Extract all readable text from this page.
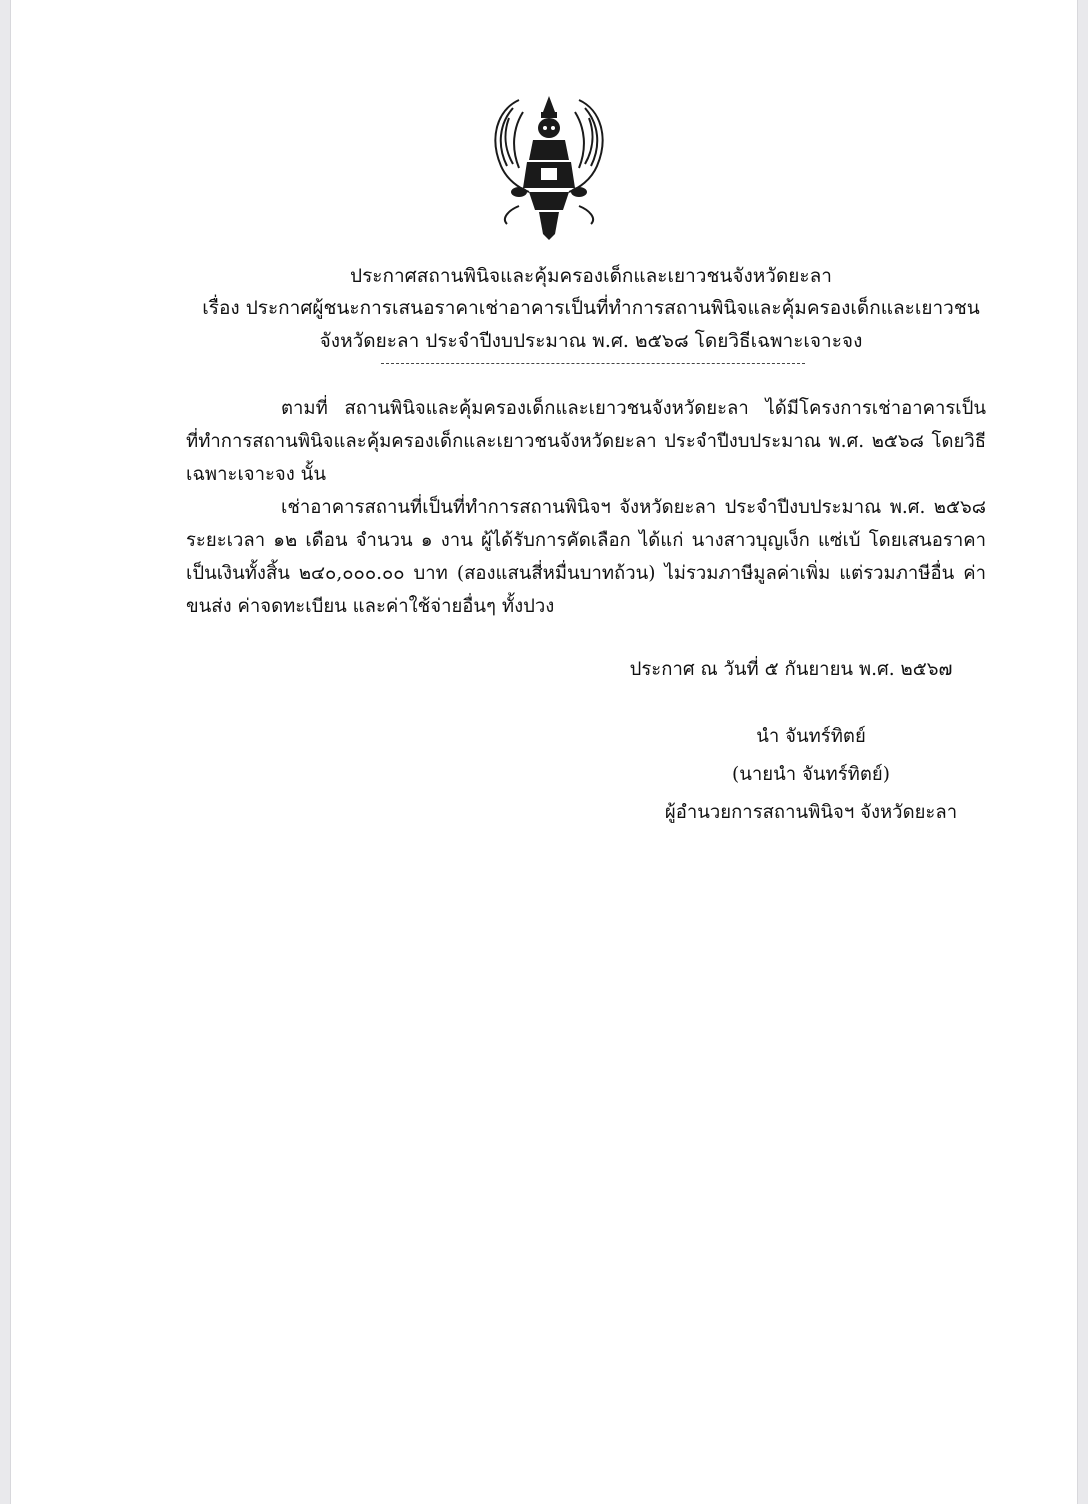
ประกาศสถานพินิจและคุ้มครองเด็กและเยาวชนจังหวัดยะลา
เรื่อง ประกาศผู้ชนะการเสนอราคาเช่าอาคารเป็นที่ทำการสถานพินิจและคุ้มครองเด็กและเยาวชน
จังหวัดยะลา ประจำปีงบประมาณ พ.ศ. ๒๕๖๘ โดยวิธีเฉพาะเจาะจง
ตามที่ สถานพินิจและคุ้มครองเด็กและเยาวชนจังหวัดยะลา ได้มีโครงการเช่าอาคารเป็นที่ทำการสถานพินิจและคุ้มครองเด็กและเยาวชนจังหวัดยะลา ประจำปีงบประมาณ พ.ศ. ๒๕๖๘ โดยวิธีเฉพาะเจาะจง นั้น
เช่าอาคารสถานที่เป็นที่ทำการสถานพินิจฯ จังหวัดยะลา ประจำปีงบประมาณ พ.ศ. ๒๕๖๘ ระยะเวลา ๑๒ เดือน จำนวน ๑ งาน ผู้ได้รับการคัดเลือก ได้แก่ นางสาวบุญเง็ก แซ่เบ้ โดยเสนอราคา เป็นเงินทั้งสิ้น ๒๔๐,๐๐๐.๐๐ บาท (สองแสนสี่หมื่นบาทถ้วน) ไม่รวมภาษีมูลค่าเพิ่ม แต่รวมภาษีอื่น ค่าขนส่ง ค่าจดทะเบียน และค่าใช้จ่ายอื่นๆ ทั้งปวง
ประกาศ ณ วันที่ ๕ กันยายน พ.ศ. ๒๕๖๗
นำ จันทร์ทิตย์
(นายนำ จันทร์ทิตย์)
ผู้อำนวยการสถานพินิจฯ จังหวัดยะลา
